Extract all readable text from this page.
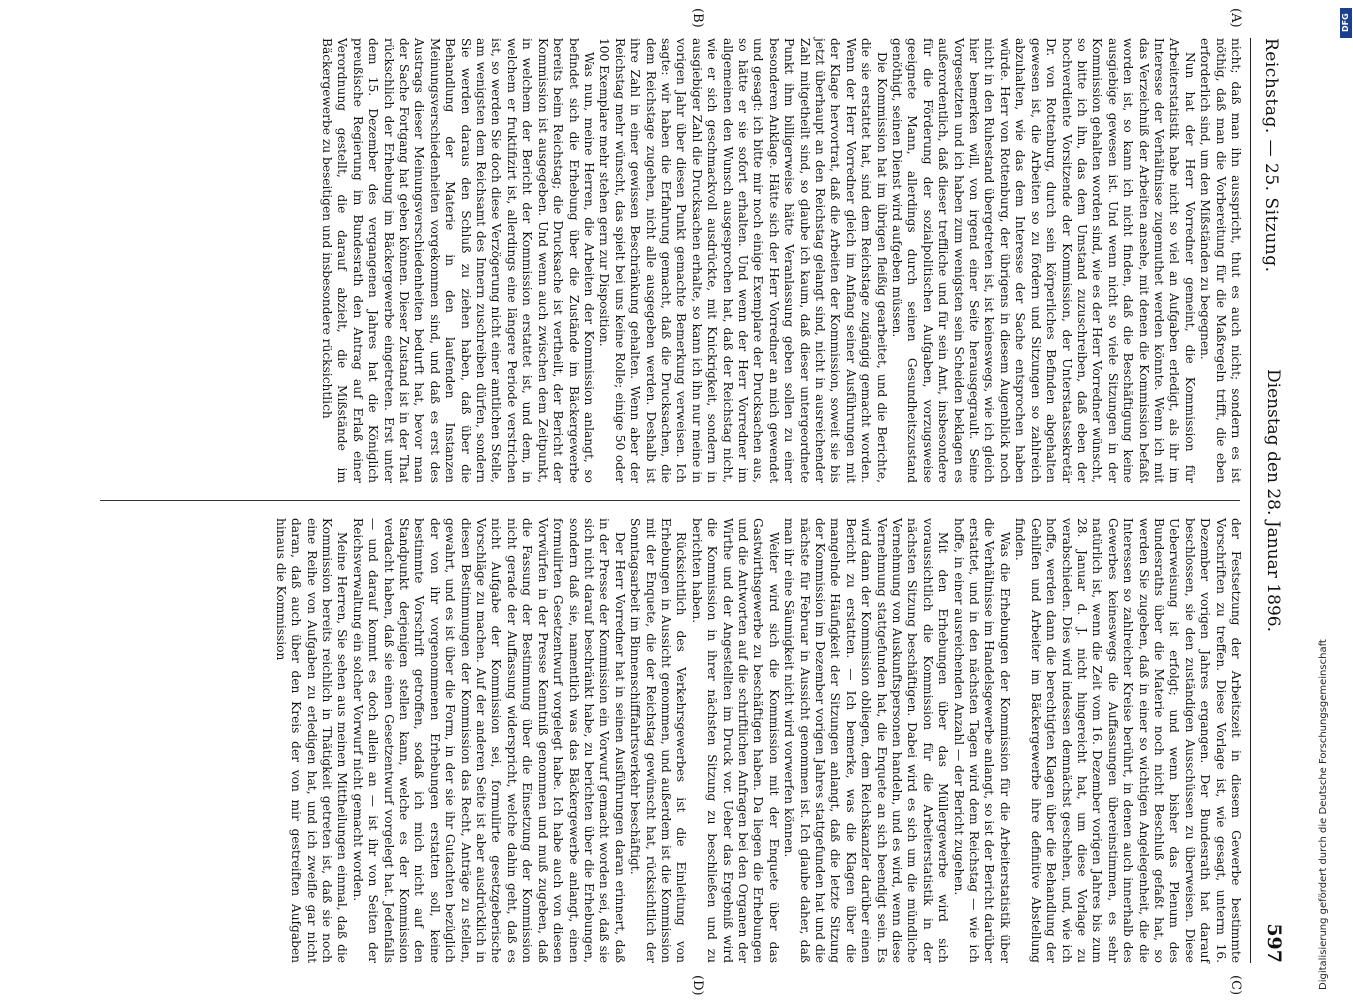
Reichstag. — 25. Sitzung.
Dienstag den 28. Januar 1896.
597
(A)
(B)
(C)
(D)

nicht; daß man ihn ausspricht, thut es auch nicht; sondern es ist nöthig, daß man die Vorbereitung für die Maßregeln trifft, die eben erforderlich sind, um den Mißständen zu begegnen.

Nun hat der Herr Vorredner gemeint, die Kommission für Arbeiterstatistik habe nicht so viel an Aufgaben erledigt, als ihr im Interesse der Verhältnisse zugemuthet werden könnte. Wenn ich mit das Verzeichniß der Arbeiten ansehe, mit denen die Kommission befaßt worden ist, so kann ich nicht finden, daß die Beschäftigung keine ausgiebige gewesen ist. Und wenn nicht so viele Sitzungen in der Kommission gehalten worden sind, wie es der Herr Vorredner wünscht, so bitte ich ihn, das dem Umstand zuzuschreiben, daß eben der hochverdiente Vorsitzende der Kommission, der Unterstaatssekretär Dr. von Rottenburg, durch sein körperliches Befinden abgehalten gewesen ist, die Arbeiten so zu fördern und Sitzungen so zahlreich abzuhalten, wie das dem Interesse der Sache entsprochen haben würde. Herr von Rottenburg, der übrigens in diesem Augenblick noch nicht in den Ruhestand übergetreten ist, ist keineswegs, wie ich gleich hier bemerken will, von irgend einer Seite herausgegrault. Seine Vorgesetzten und ich haben zum wenigsten sein Scheiden beklagen es außerordentlich, daß dieser treffliche und für sein Amt, insbesondere für die Förderung der sozialpolitischen Aufgaben, vorzugsweise geeignete Mann, allerdings durch seinen Gesundheitszustand genöthigt, seinen Dienst wird aufgeben müssen.

Die Kommission hat im übrigen fleißig gearbeitet, und die Berichte, die sie erstattet hat, sind dem Reichstage zugängig gemacht worden. Wenn der Herr Vorredner gleich im Anfang seiner Ausführungen mit der Klage hervortrat, daß die Arbeiten der Kommission, soweit sie bis jetzt überhaupt an den Reichstag gelangt sind, nicht in ausreichender Zahl mitgetheilt sind, so glaube ich kaum, daß dieser untergeordnete Punkt ihm billigerweise hätte Veranlassung geben sollen zu einer besonderen Anklage. Hätte sich der Herr Vorredner an mich gewendet und gesagt: ich bitte mir noch einige Exemplare der Drucksachen aus, so hätte er sie sofort erhalten. Und wenn der Herr Vorredner im allgemeinen den Wunsch ausgesprochen hat, daß der Reichstag nicht, wie er sich geschmackvoll ausdrückte, mit Knickrigkeit, sondern in ausgiebiger Zahl die Drucksachen erhalte, so kann ich ihn nur meine in vorigen Jahr über diesen Punkt gemachte Bemerkung verweisen. Ich sagte: wir haben die Erfahrung gemacht, daß die Drucksachen, die dem Reichstage zugehen, nicht alle ausgegeben werden. Deshalb ist ihre Zahl in einer gewissen Beschränkung gehalten. Wenn aber der Reichstag mehr wünscht, das spielt bei uns keine Rolle; einige 50 oder 100 Exemplare mehr stehen gern zur Disposition.

Was nun, meine Herren, die Arbeiten der Kommission anlangt, so befindet sich die Erhebung über die Zustände im Bäckergewerbe bereits beim Reichstag; die Drucksache ist vertheilt, der Bericht der Kommission ist ausgegeben. Und wenn auch zwischen dem Zeitpunkt, in welchem der Bericht der Kommission erstattet ist, und dem, in welchem er fruktifizirt ist, allerdings eine längere Periode verstrichen ist, so werden Sie doch diese Verzögerung nicht einer amtlichen Stelle, am wenigsten dem Reichsamt des Innern zuschreiben dürfen, sondern Sie werden daraus den Schluß zu ziehen haben, daß über die Behandlung der Materie in den laufenden Instanzen Meinungsverschiedenheiten vorgekommen sind, und daß es erst des Austrags dieser Meinungsverschiedenheiten bedurft hat, bevor man der Sache Fortgang hat geben können. Dieser Zustand ist in der That rückschlich der Erhebung im Bäckergewerbe eingetreten. Erst unter dem 15. Dezember des vergangenen Jahres hat die Königlich preußische Regierung im Bundesrath den Antrag auf Erlaß einer Verordnung gestellt, die darauf abzielt, die Mißstände im Bäckergewerbe zu beseitigen und insbesondere rücksichtlich

der Festsetzung der Arbeitszeit in diesem Gewerbe bestimmte Vorschriften zu treffen. Diese Vorlage ist, wie gesagt, unterm 16. Dezember vorigen Jahres ergangen. Der Bundesrath hat darauf beschlossen, sie den zuständigen Ausschüssen zu überweisen. Diese Ueberweisung ist erfolgt; und wenn bisher das Plenum des Bundesraths über die Materie noch nicht Beschluß gefaßt hat, so werden Sie zugeben, daß in einer so wichtigen Angelegenheit, die die Interessen so zahlreicher Kreise berührt, in denen auch innerhalb des Gewerbes keineswegs die Auffassungen übereinstimmen, es sehr natürlich ist, wenn die Zeit vom 16. Dezember vorigen Jahres bis zum 28. Januar d. J. nicht hingereicht hat, um diese Vorlage zu verabschieden. Dies wird indessen demnächst geschehen, und, wie ich hoffe, werden dann die berechtigten Klagen über die Behandlung der Gehilfen und Arbeiter im Bäckergewerbe ihre definitive Abstellung finden.

Was die Erhebungen der Kommission für die Arbeiterstatistik über die Verhältnisse im Handelsgewerbe anlangt, so ist der Bericht darüber erstattet, und in den nächsten Tagen wird dem Reichstag — wie ich hoffe, in einer ausreichenden Anzahl — der Bericht zugehen.

Mit den Erhebungen über das Müllergewerbe wird sich voraussichtlich die Kommission für die Arbeiterstatistik in der nächsten Sitzung beschäftigen. Dabei wird es sich um die mündliche Vernehmung von Auskunftspersonen handeln, und es wird, wenn diese Vernehmung stattgefunden hat, die Enquete an sich beendigt sein. Es wird dann der Kommission obliegen, dem Reichskanzler darüber einen Bericht zu erstatten. — Ich bemerke, was die Klagen über die mangelnde Häufigkeit der Sitzungen anlangt, daß die letzte Sitzung der Kommission im Dezember vorigen Jahres stattgefunden hat und die nächste für Februar in Aussicht genommen ist. Ich glaube daher, daß man ihr eine Säumigkeit nicht wird vorwerfen können.

Weiter wird sich die Kommission mit der Enquete über das Gastwirthsgewerbe zu beschäftigen haben. Da liegen die Erhebungen und die Antworten auf die schriftlichen Anfragen bei den Organen der Wirthe und der Angestellten im Druck vor. Ueber das Ergebniß wird die Kommission in ihrer nächsten Sitzung zu beschließen und zu berichten haben.

Rücksichtlich des Verkehrsgewerbes ist die Einleitung von Erhebungen in Aussicht genommen, und außerdem ist die Kommission mit der Enquete, die der Reichstag gewünscht hat, rücksichtlich der Sonntagsarbeit im Binnenschifffahrtsverkehr beschäftigt.

Der Herr Vorredner hat in seinen Ausführungen daran erinnert, daß in der Presse der Kommission ein Vorwurf gemacht worden sei, daß sie sich nicht darauf beschränkt habe, zu berichten über die Erhebungen, sondern daß sie, namentlich was das Bäckergewerbe anlangt, einen formulirten Gesetzentwurf vorgelegt habe. Ich habe auch von diesen Vorwürfen in der Presse Kenntniß genommen und muß zugeben, daß die Fassung der Bestimmung über die Einsetzung der Kommission nicht gerade der Auffassung widerspricht, welche dahin geht, daß es nicht Aufgabe der Kommission sei, formulirte gesetzgeberische Vorschläge zu machen. Auf der anderen Seite ist aber ausdrücklich in diesen Bestimmungen der Kommission das Recht, Anträge zu stellen, gewahrt, und es ist über die Form, in der sie ihr Gutachten bezüglich der von ihr vorgenommenen Erhebungen erstatten soll, keine bestimmte Vorschrift getroffen, sodaß ich mich nicht auf den Standpunkt derjenigen stellen kann, welche es der Kommission verdacht haben, daß sie einen Gesetzentwurf vorgelegt hat. Jedenfalls — und darauf kommt es doch allein an — ist ihr von Seiten der Reichsverwaltung ein solcher Vorwurf nicht gemacht worden.

Meine Herren, Sie sehen aus meinen Mittheilungen einmal, daß die Kommission bereits reichlich in Thätigkeit getreten ist, daß sie noch eine Reihe von Aufgaben zu erledigen hat, und ich zweifle gar nicht daran, daß auch über den Kreis der von mir gestreiften Aufgaben hinaus die Kommission

Digitalisierung gefördert durch die Deutsche Forschungsgemeinschaft
DFG
